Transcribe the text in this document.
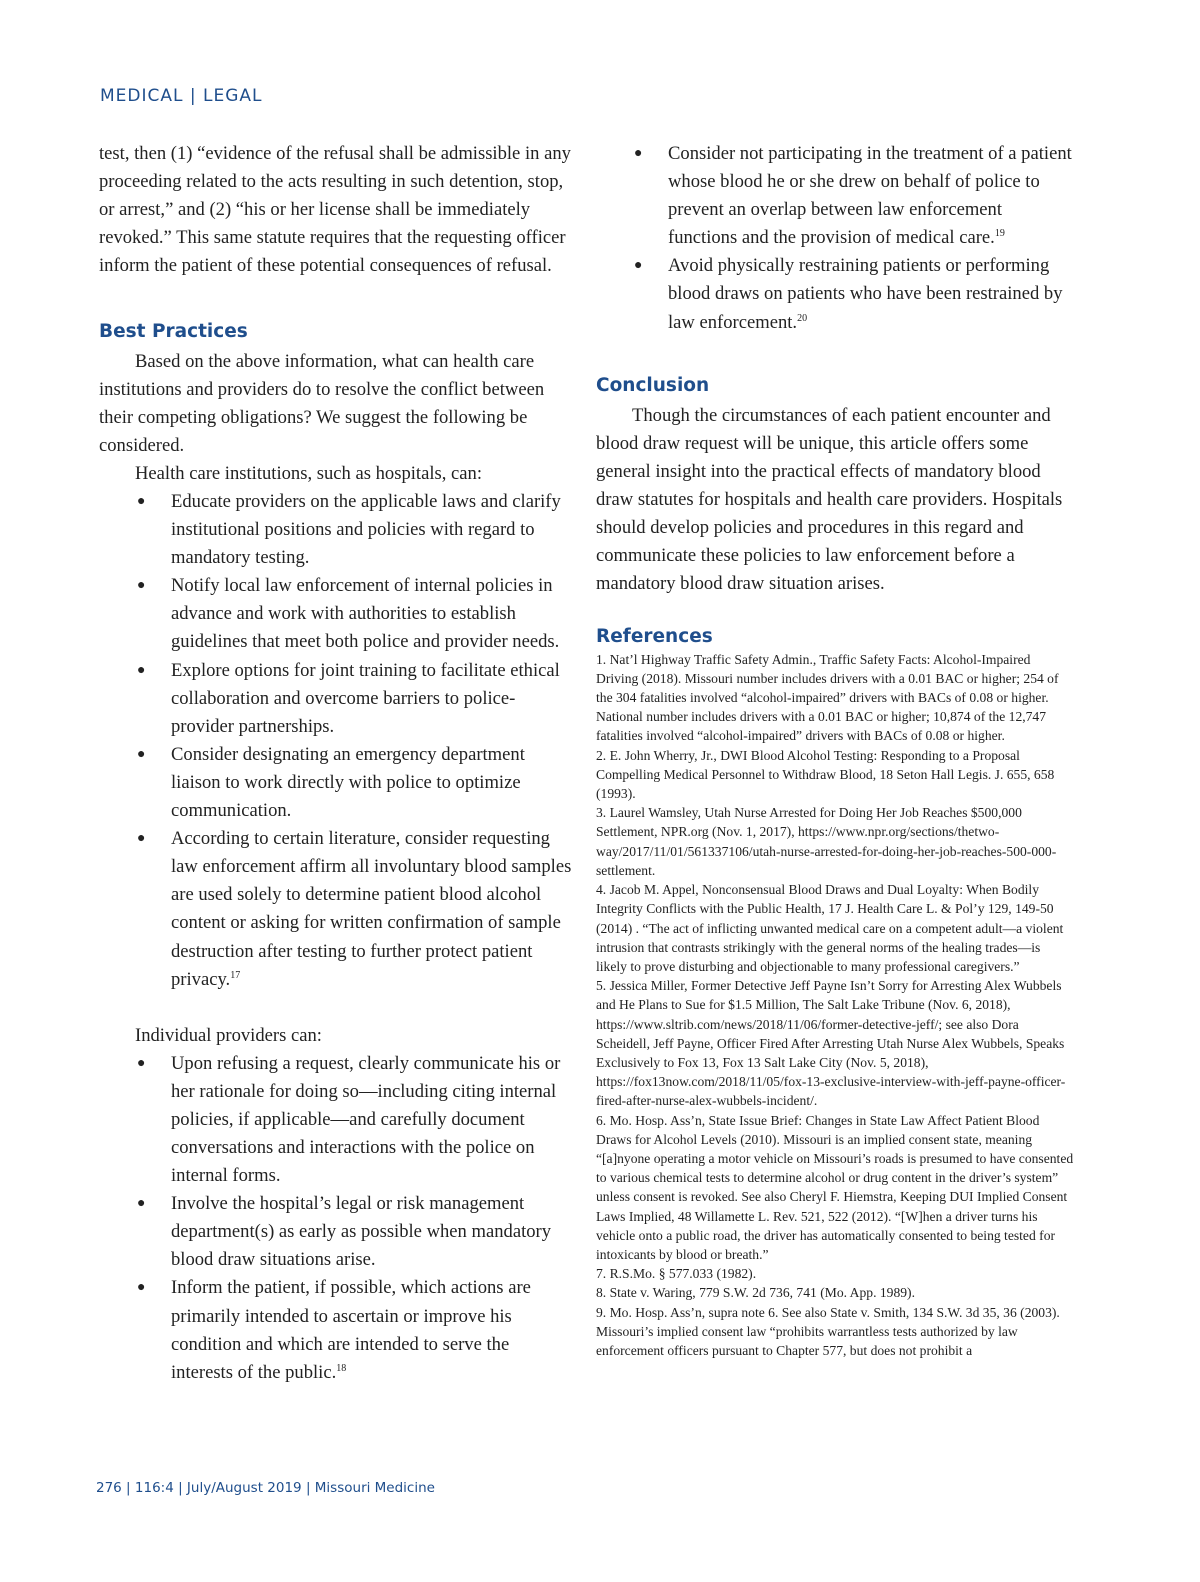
MEDICAL | LEGAL

test, then (1) “evidence of the refusal shall be admissible in any proceeding related to the acts resulting in such detention, stop, or arrest,” and (2) “his or her license shall be immediately revoked.” This same statute requires that the requesting officer inform the patient of these potential consequences of refusal.

Best Practices

Based on the above information, what can health care institutions and providers do to resolve the conflict between their competing obligations? We suggest the following be considered.

Health care institutions, such as hospitals, can:

● Educate providers on the applicable laws and clarify institutional positions and policies with regard to mandatory testing.
● Notify local law enforcement of internal policies in advance and work with authorities to establish guidelines that meet both police and provider needs.
● Explore options for joint training to facilitate ethical collaboration and overcome barriers to police-provider partnerships.
● Consider designating an emergency department liaison to work directly with police to optimize communication.
● According to certain literature, consider requesting law enforcement affirm all involuntary blood samples are used solely to determine patient blood alcohol content or asking for written confirmation of sample destruction after testing to further protect patient privacy.$^{17}$

Individual providers can:

● Upon refusing a request, clearly communicate his or her rationale for doing so—including citing internal policies, if applicable—and carefully document conversations and interactions with the police on internal forms.
● Involve the hospital’s legal or risk management department(s) as early as possible when mandatory blood draw situations arise.
● Inform the patient, if possible, which actions are primarily intended to ascertain or improve his condition and which are intended to serve the interests of the public.$^{18}$
● Consider not participating in the treatment of a patient whose blood he or she drew on behalf of police to prevent an overlap between law enforcement functions and the provision of medical care.$^{19}$
● Avoid physically restraining patients or performing blood draws on patients who have been restrained by law enforcement.$^{20}$
Conclusion

Though the circumstances of each patient encounter and blood draw request will be unique, this article offers some general insight into the practical effects of mandatory blood draw statutes for hospitals and health care providers. Hospitals should develop policies and procedures in this regard and communicate these policies to law enforcement before a mandatory blood draw situation arises.

References
1. Nat’l Highway Traffic Safety Admin., Traffic Safety Facts: Alcohol-Impaired Driving (2018). Missouri number includes drivers with a 0.01 BAC or higher; 254 of the 304 fatalities involved “alcohol-impaired” drivers with BACs of 0.08 or higher. National number includes drivers with a 0.01 BAC or higher; 10,874 of the 12,747 fatalities involved “alcohol-impaired” drivers with BACs of 0.08 or higher.
2. E. John Wherry, Jr., DWI Blood Alcohol Testing: Responding to a Proposal Compelling Medical Personnel to Withdraw Blood, 18 Seton Hall Legis. J. 655, 658 (1993).
3. Laurel Wamsley, Utah Nurse Arrested for Doing Her Job Reaches $500,000 Settlement, NPR.org (Nov. 1, 2017), https://www.npr.org/sections/thetwo-way/2017/11/01/561337106/utah-nurse-arrested-for-doing-her-job-reaches-500-000-settlement.
4. Jacob M. Appel, Nonconsensual Blood Draws and Dual Loyalty: When Bodily Integrity Conflicts with the Public Health, 17 J. Health Care L. & Pol’y 129, 149-50 (2014) . “The act of inflicting unwanted medical care on a competent adult—a violent intrusion that contrasts strikingly with the general norms of the healing trades—is likely to prove disturbing and objectionable to many professional caregivers.”
5. Jessica Miller, Former Detective Jeff Payne Isn’t Sorry for Arresting Alex Wubbels and He Plans to Sue for $1.5 Million, The Salt Lake Tribune (Nov. 6, 2018), https://www.sltrib.com/news/2018/11/06/former-detective-jeff/; see also Dora Scheidell, Jeff Payne, Officer Fired After Arresting Utah Nurse Alex Wubbels, Speaks Exclusively to Fox 13, Fox 13 Salt Lake City (Nov. 5, 2018), https://fox13now.com/2018/11/05/fox-13-exclusive-interview-with-jeff-payne-officer-fired-after-nurse-alex-wubbels-incident/.
6. Mo. Hosp. Ass’n, State Issue Brief: Changes in State Law Affect Patient Blood Draws for Alcohol Levels (2010). Missouri is an implied consent state, meaning “[a]nyone operating a motor vehicle on Missouri’s roads is presumed to have consented to various chemical tests to determine alcohol or drug content in the driver’s system” unless consent is revoked. See also Cheryl F. Hiemstra, Keeping DUI Implied Consent Laws Implied, 48 Willamette L. Rev. 521, 522 (2012). “[W]hen a driver turns his vehicle onto a public road, the driver has automatically consented to being tested for intoxicants by blood or breath.”
7. R.S.Mo. § 577.033 (1982).
8. State v. Waring, 779 S.W. 2d 736, 741 (Mo. App. 1989).
9. Mo. Hosp. Ass’n, supra note 6. See also State v. Smith, 134 S.W. 3d 35, 36 (2003). Missouri’s implied consent law “prohibits warrantless tests authorized by law enforcement officers pursuant to Chapter 577, but does not prohibit a
276 | 116:4 | July/August 2019 | Missouri Medicine
